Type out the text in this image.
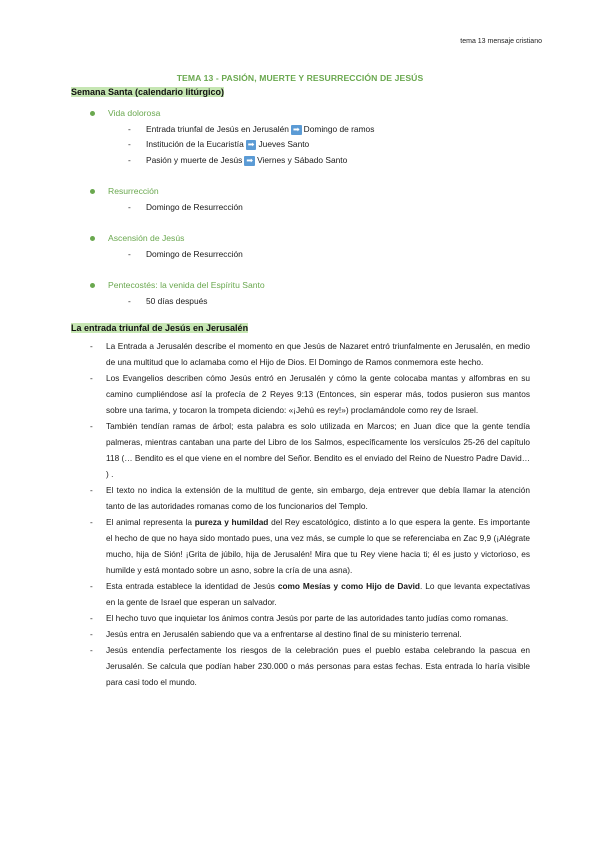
tema 13 mensaje cristiano
TEMA 13 - PASIÓN, MUERTE Y RESURRECCIÓN DE JESÚS
Semana Santa (calendario litúrgico)
Vida dolorosa
- Entrada triunfal de Jesús en Jerusalén ➡ Domingo de ramos
- Institución de la Eucaristía ➡ Jueves Santo
- Pasión y muerte de Jesús ➡ Viernes y Sábado Santo
Resurrección
- Domingo de Resurrección
Ascensión de Jesús
- Domingo de Resurrección
Pentecostés: la venida del Espíritu Santo
- 50 días después
La entrada triunfal de Jesús en Jerusalén
- La Entrada a Jerusalén describe el momento en que Jesús de Nazaret entró triunfalmente en Jerusalén, en medio de una multitud que lo aclamaba como el Hijo de Dios. El Domingo de Ramos conmemora este hecho.
- Los Evangelios describen cómo Jesús entró en Jerusalén y cómo la gente colocaba mantas y alfombras en su camino cumpliéndose así la profecía de 2 Reyes 9:13 (Entonces, sin esperar más, todos pusieron sus mantos sobre una tarima, y tocaron la trompeta diciendo: «¡Jehú es rey!») proclamándole como rey de Israel.
- También tendían ramas de árbol; esta palabra es solo utilizada en Marcos; en Juan dice que la gente tendía palmeras, mientras cantaban una parte del Libro de los Salmos, específicamente los versículos 25-26 del capítulo 118 (… Bendito es el que viene en el nombre del Señor. Bendito es el enviado del Reino de Nuestro Padre David… ) .
- El texto no indica la extensión de la multitud de gente, sin embargo, deja entrever que debía llamar la atención tanto de las autoridades romanas como de los funcionarios del Templo.
- El animal representa la pureza y humildad del Rey escatológico, distinto a lo que espera la gente. Es importante el hecho de que no haya sido montado pues, una vez más, se cumple lo que se referenciaba en Zac 9,9 (¡Alégrate mucho, hija de Sión! ¡Grita de júbilo, hija de Jerusalén! Mira que tu Rey viene hacia ti; él es justo y victorioso, es humilde y está montado sobre un asno, sobre la cría de una asna).
- Esta entrada establece la identidad de Jesús como Mesías y como Hijo de David. Lo que levanta expectativas en la gente de Israel que esperan un salvador.
- El hecho tuvo que inquietar los ánimos contra Jesús por parte de las autoridades tanto judías como romanas.
- Jesús entra en Jerusalén sabiendo que va a enfrentarse al destino final de su ministerio terrenal.
- Jesús entendía perfectamente los riesgos de la celebración pues el pueblo estaba celebrando la pascua en Jerusalén. Se calcula que podían haber 230.000 o más personas para estas fechas. Esta entrada lo haría visible para casi todo el mundo.
